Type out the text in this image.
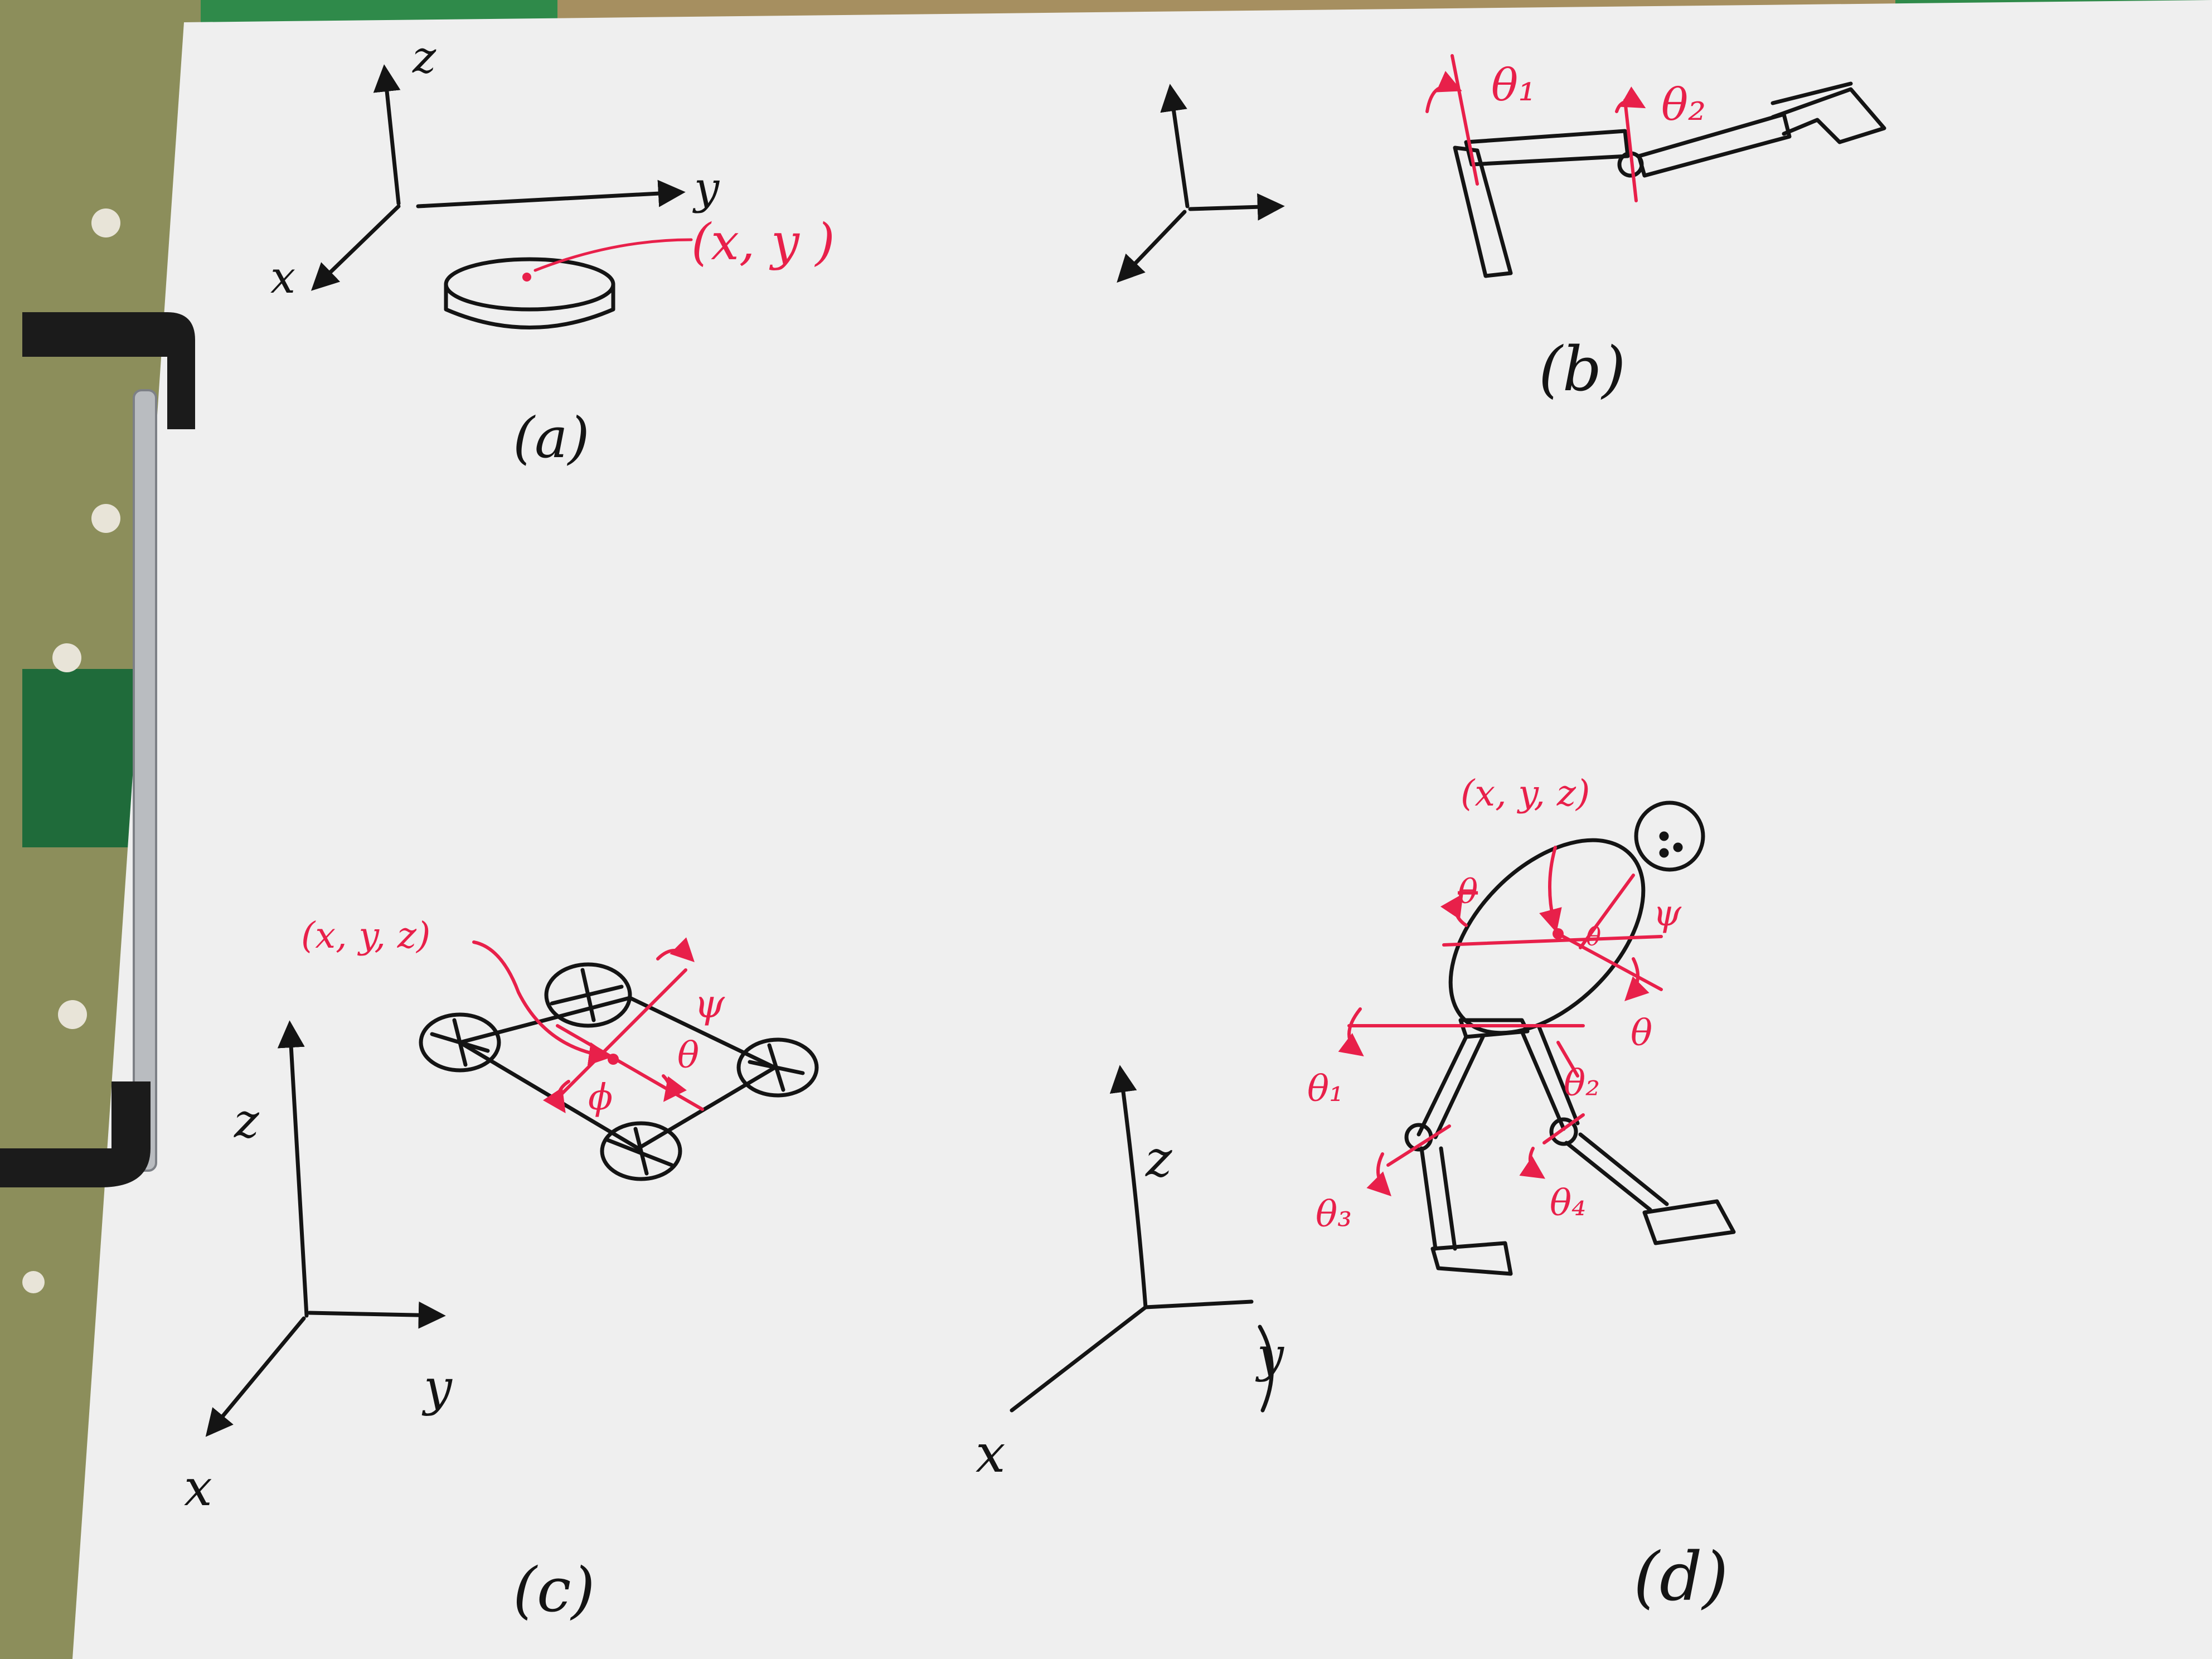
z
y
x
(x, y )
(a)
θ₁	θ₂
(b)
z
y
x
(x, y, z)
ψ
θ
ϕ
(c)
z
y
x
(x, y, z)
θ
ψ
θ
θ
θ₁	θ₂
θ₃	θ₄
(d)
